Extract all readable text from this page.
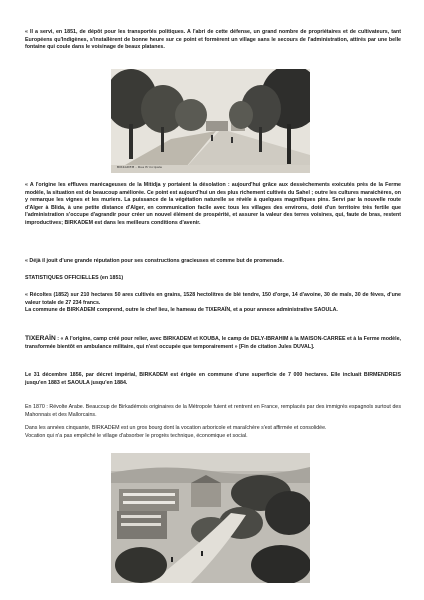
« Il a servi, en 1851, de dépôt pour les transportés politiques. A l'abri de cette défense, un grand nombre de propriétaires et de cultivateurs, tant Européens qu'Indigènes, s'installèrent de bonne heure sur ce point et formèrent un village sans le secours de l'administration, attirés par une belle fontaine qui coule dans le voisinage de beaux platanes.

BIRKADEM - Rue Principale

« A l'origine les effluves marécageuses de la Mitidja y portaient la désolation : aujourd'hui grâce aux dessèchements exécutés près de la Ferme modèle, la situation est de beaucoup améliorée. Ce point est aujourd'hui un des plus richement cultivés du Sahel ; outre les cultures maraichères, on y remarque les vignes et les muriers. La puissance de la végétation naturelle se révèle à quelques magnifiques pins. Servi par la nouvelle route d'Alger à Blida, à une petite distance d'Alger, en communication facile avec tous les villages des environs, doté d'un territoire très fertile que l'administration s'occupe d'agrandir pour créer un nouvel élément de prospérité, et assurer la valeur des terres voisines, qui, faute de bras, restent improductives; BIRKADEM est dans les meilleurs conditions d'avenir.

« Déjà il jouit d'une grande réputation pour ses constructions gracieuses et comme but de promenade.

STATISTIQUES OFFICIELLES (en 1851)

« Récoltes (1852) sur 210 hectares 50 ares cultivés en grains, 1528 hectolitres de blé tendre, 150 d'orge, 14 d'avoine, 30 de maïs, 30 de fèves, d'une valeur totale de 27 234 francs.
La commune de BIRKADEM comprend, outre le chef lieu, le hameau de TIXERAÏN, et a pour annexe administrative SAOULA.

TIXERAÏN : « A l'origine, camp créé pour relier, avec BIRKADEM et KOUBA, le camp de DELY-IBRAHIM à la MAISON-CARREE et à la Ferme modèle, transformée bientôt en ambulance militaire, qui n'est occupée que temporairement » [Fin de citation Jules DUVAL].

Le 31 décembre 1856, par décret impérial, BIRKADEM est érigée en commune d'une superficie de 7 000 hectares. Elle incluait BIRMENDREIS jusqu'en 1883 et SAOULA jusqu'en 1884.

En 1870 : Révolte Arabe. Beaucoup de Birkadémois originaires de la Métropole fuient et rentrent en France, remplacés par des immigrés espagnols surtout des Mahonnais et des Mallorcains.

Dans les années cinquante, BIRKADEM est un gros bourg dont la vocation arboricole et maraîchère s'est affirmée et consolidée.
Vocation qui n'a pas empêché le village d'absorber le progrès technique, économique et social.
